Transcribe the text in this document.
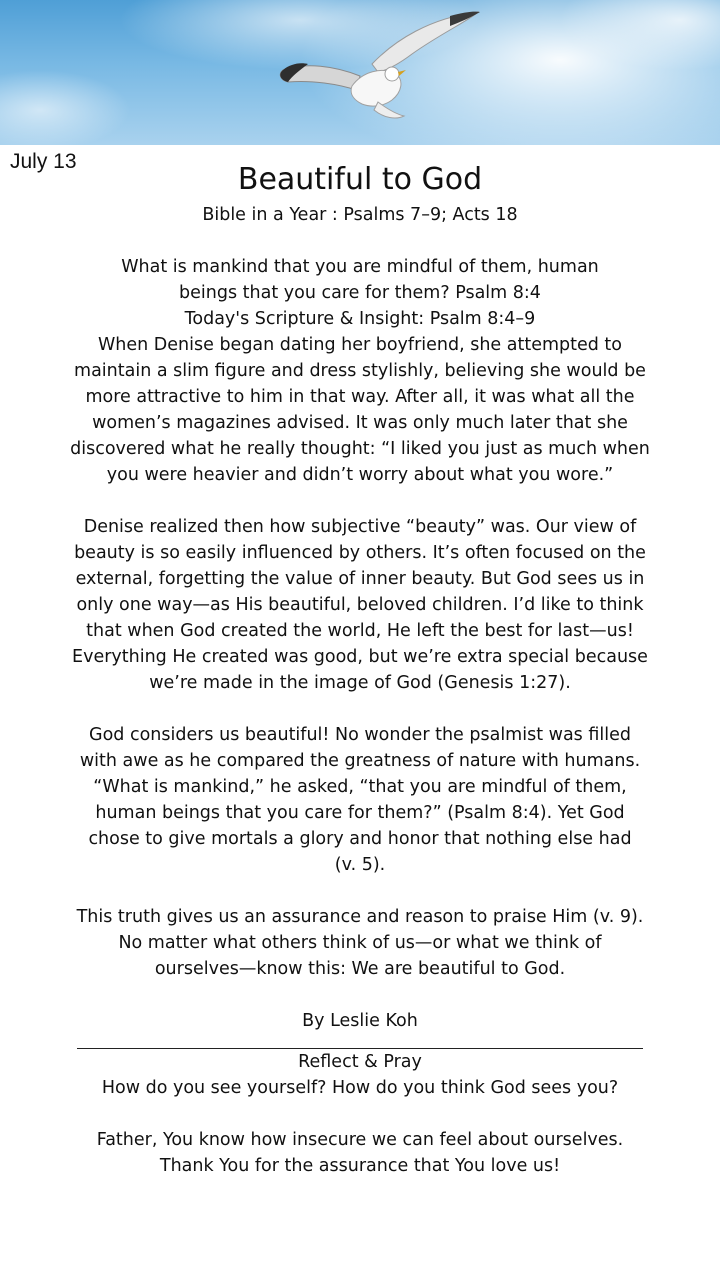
July 13
Beautiful to God

Bible in a Year : Psalms 7–9; Acts 18

What is mankind that you are mindful of them, human
beings that you care for them? Psalm 8:4
Today's Scripture & Insight: Psalm 8:4–9

When Denise began dating her boyfriend, she attempted to maintain a slim figure and dress stylishly, believing she would be more attractive to him in that way. After all, it was what all the women’s magazines advised. It was only much later that she discovered what he really thought: “I liked you just as much when you were heavier and didn’t worry about what you wore.”

Denise realized then how subjective “beauty” was. Our view of beauty is so easily influenced by others. It’s often focused on the external, forgetting the value of inner beauty. But God sees us in only one way—as His beautiful, beloved children. I’d like to think that when God created the world, He left the best for last—us! Everything He created was good, but we’re extra special because we’re made in the image of God (Genesis 1:27).

God considers us beautiful! No wonder the psalmist was filled with awe as he compared the greatness of nature with humans. “What is mankind,” he asked, “that you are mindful of them, human beings that you care for them?” (Psalm 8:4). Yet God chose to give mortals a glory and honor that nothing else had (v. 5).

This truth gives us an assurance and reason to praise Him (v. 9). No matter what others think of us—or what we think of ourselves—know this: We are beautiful to God.

By Leslie Koh

Reflect & Pray

How do you see yourself? How do you think God sees you?

Father, You know how insecure we can feel about ourselves. Thank You for the assurance that You love us!
